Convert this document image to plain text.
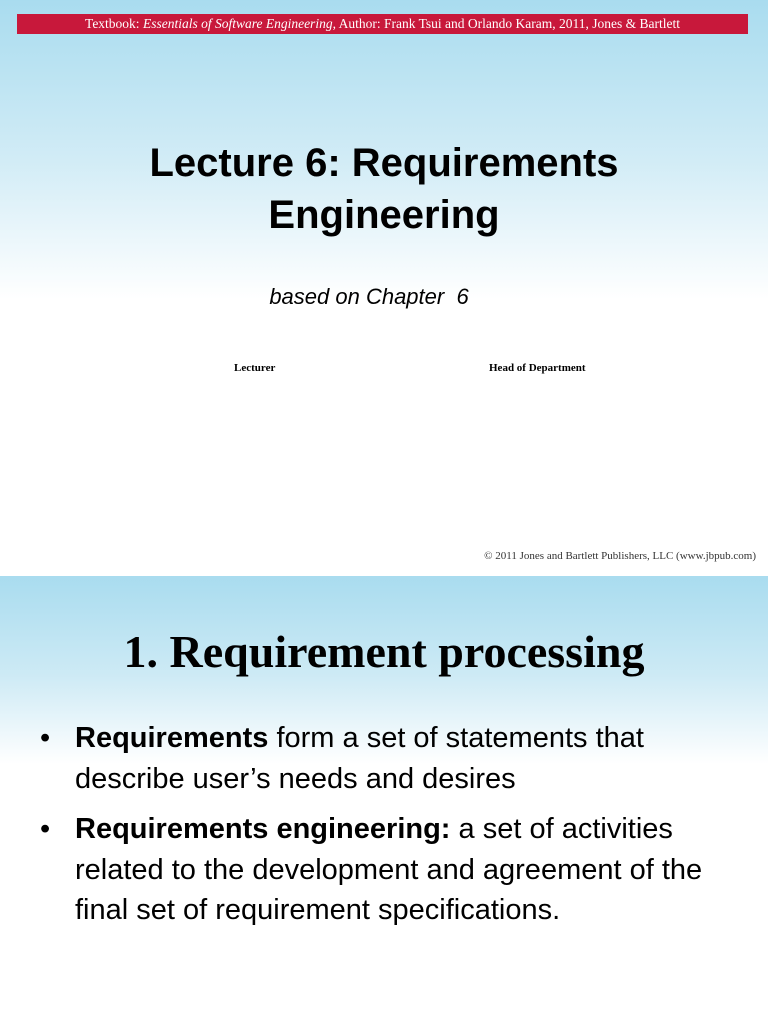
Textbook: Essentials of Software Engineering, Author: Frank Tsui and Orlando Karam, 2011, Jones & Bartlett
Lecture 6: Requirements
Engineering
based on Chapter  6
Lecturer	Head of Department
© 2011 Jones and Bartlett Publishers, LLC (www.jbpub.com)
1. Requirement processing
• Requirements form a set of statements that describe user’s needs and desires
• Requirements engineering: a set of activities related to the development and agreement of the final set of requirement specifications.
